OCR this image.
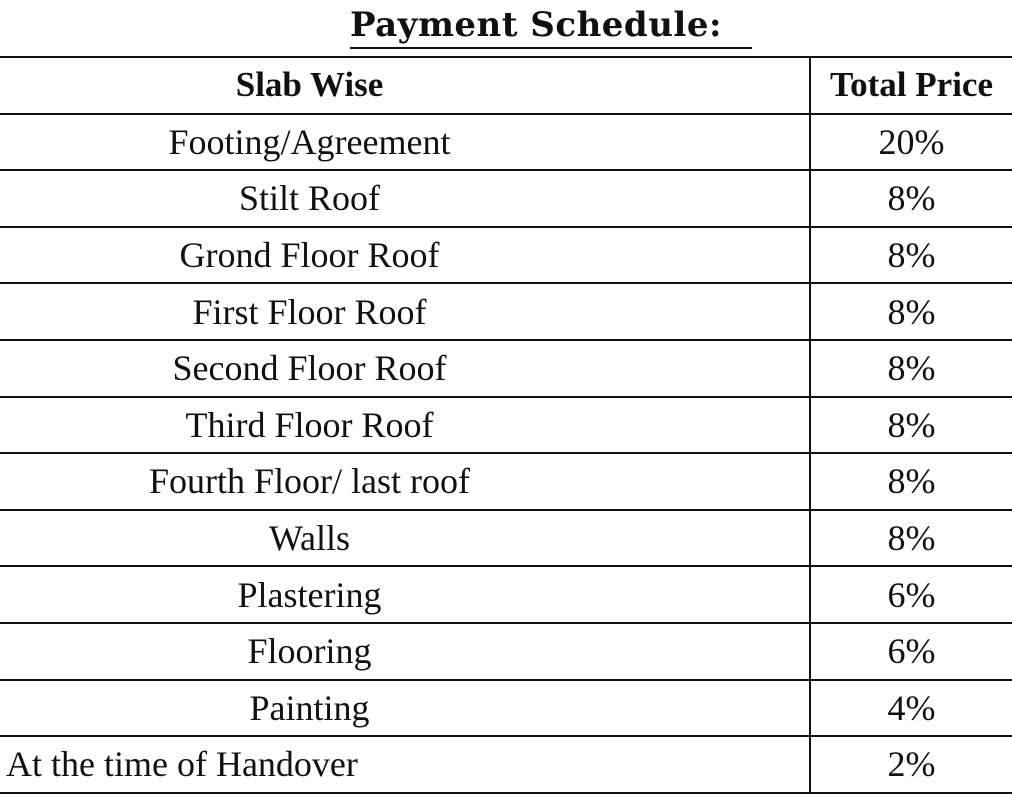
Payment Schedule:
Slab Wise	Total Price
Footing/Agreement	20%
Stilt Roof	8%
Grond Floor Roof	8%
First Floor Roof	8%
Second Floor Roof	8%
Third Floor Roof	8%
Fourth Floor/ last roof	8%
Walls	8%
Plastering	6%
Flooring	6%
Painting	4%
At the time of Handover	2%
